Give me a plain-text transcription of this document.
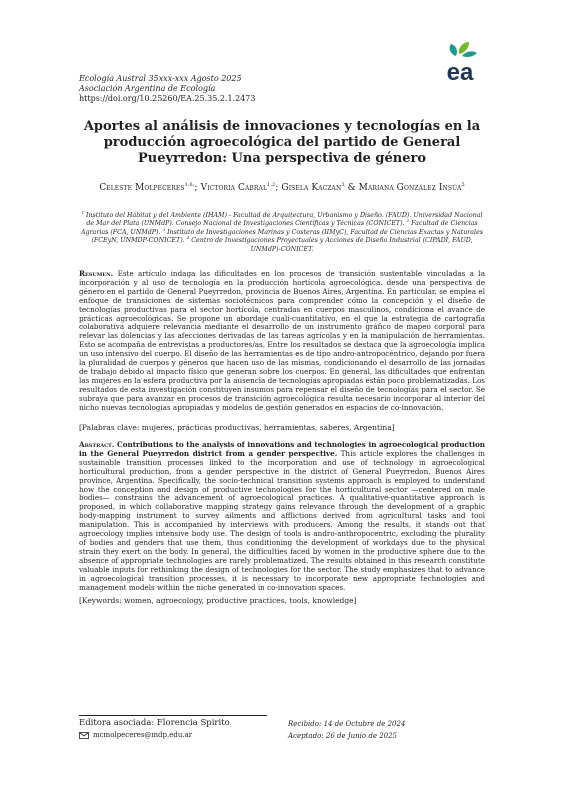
Ecología Austral 35xxx-xxx Agosto 2025
Asociación Argentina de Ecología
https://doi.org/10.25260/EA.25.35.2.1.2473
ea
Aportes al análisis de innovaciones y tecnologías en la producción agroecológica del partido de General Pueyrredon: Una perspectiva de género
Celeste Molpeceres$^{1,6,}$; Victoria Cabral$^{1,2}$; Gisela Kaczan$^3$ & Mariana González Insúa$^5$
$^1$ Instituto del Hábitat y del Ambiente (IHAM) - Facultad de Arquitectura, Urbanismo y Diseño. (FAUD). Universidad Nacional de Mar del Plata (UNMdP). Consejo Nacional de Investigaciones Científicas y Técnicas (CONICET). $^2$ Facultad de Ciencias Agrarias (FCA, UNMdP). $^3$ Instituto de Investigaciones Marinas y Costeras (IIMyC), Facultad de Ciencias Exactas y Naturales (FCEyN, UNMDP-CONICET). $^4$ Centro de Investigaciones Proyectuales y Acciones de Diseño Industrial (CIPADI, FAUD, UNMdP)-CONICET.
Resumen. Este artículo indaga las dificultades en los procesos de transición sustentable vinculadas a la incorporación y al uso de tecnología en la producción hortícola agroecológica, desde una perspectiva de género en el partido de General Pueyrredon, provincia de Buenos Aires, Argentina. En particular, se emplea el enfoque de transiciones de sistemas sociotécnicos para comprender cómo la concepción y el diseño de tecnologías productivas para el sector hortícola, centradas en cuerpos masculinos, condiciona el avance de prácticas agroecológicas. Se propone un abordaje cuali-cuantitativo, en el que la estrategia de cartografía colaborativa adquiere relevancia mediante el desarrollo de un instrumento gráfico de mapeo corporal para relevar las dolencias y las afecciones derivadas de las tareas agrícolas y en la manipulación de herramientas. Esto se acompaña de entrevistas a productores/as. Entre los resultados se destaca que la agroecología implica un uso intensivo del cuerpo. El diseño de las herramientas es de tipo andro-antropocéntrico, dejando por fuera la pluralidad de cuerpos y géneros que hacen uso de las mismas, condicionando el desarrollo de las jornadas de trabajo debido al impacto físico que generan sobre los cuerpos. En general, las dificultades que enfrentan las mujeres en la esfera productiva por la ausencia de tecnologías apropiadas están poco problematizadas. Los resultados de esta investigación constituyen insumos para repensar el diseño de tecnologías para el sector. Se subraya que para avanzar en procesos de transición agroecológica resulta necesario incorporar al interior del nicho nuevas tecnologías apropiadas y modelos de gestión generados en espacios de co-innovación.
[Palabras clave: mujeres, prácticas productivas, herramientas, saberes, Argentina]
Abstract. Contributions to the analysis of innovations and technologies in agroecological production in the General Pueyrredon district from a gender perspective. This article explores the challenges in sustainable transition processes linked to the incorporation and use of technology in agroecological horticultural production, from a gender perspective in the district of General Pueyrredon, Buenos Aires province, Argentina. Specifically, the socio-technical transition systems approach is employed to understand how the conception and design of productive technologies for the horticultural sector —centered on male bodies— constrains the advancement of agroecological practices. A qualitative-quantitative approach is proposed, in which collaborative mapping strategy gains relevance through the development of a graphic body-mapping instrument to survey ailments and afflictions derived from agricultural tasks and tool manipulation. This is accompanied by interviews with producers. Among the results, it stands out that agroecology implies intensive body use. The design of tools is andro-anthropocentric, excluding the plurality of bodies and genders that use them, thus conditioning the development of workdays due to the physical strain they exert on the body. In general, the difficulties faced by women in the productive sphere due to the absence of appropriate technologies are rarely problematized. The results obtained in this research constitute valuable inputs for rethinking the design of technologies for the sector. The study emphasizes that to advance in agroecological transition processes, it is necessary to incorporate new appropriate technologies and management models within the niche generated in co-innovation spaces.
[Keywords: women, agroecology, productive practices, tools, knowledge]
Editora asociada: Florencia Spirito
mcmolpeceres@mdp.edu.ar
Recibido: 14 de Octubre de 2024
Aceptado: 26 de Junio de 2025
